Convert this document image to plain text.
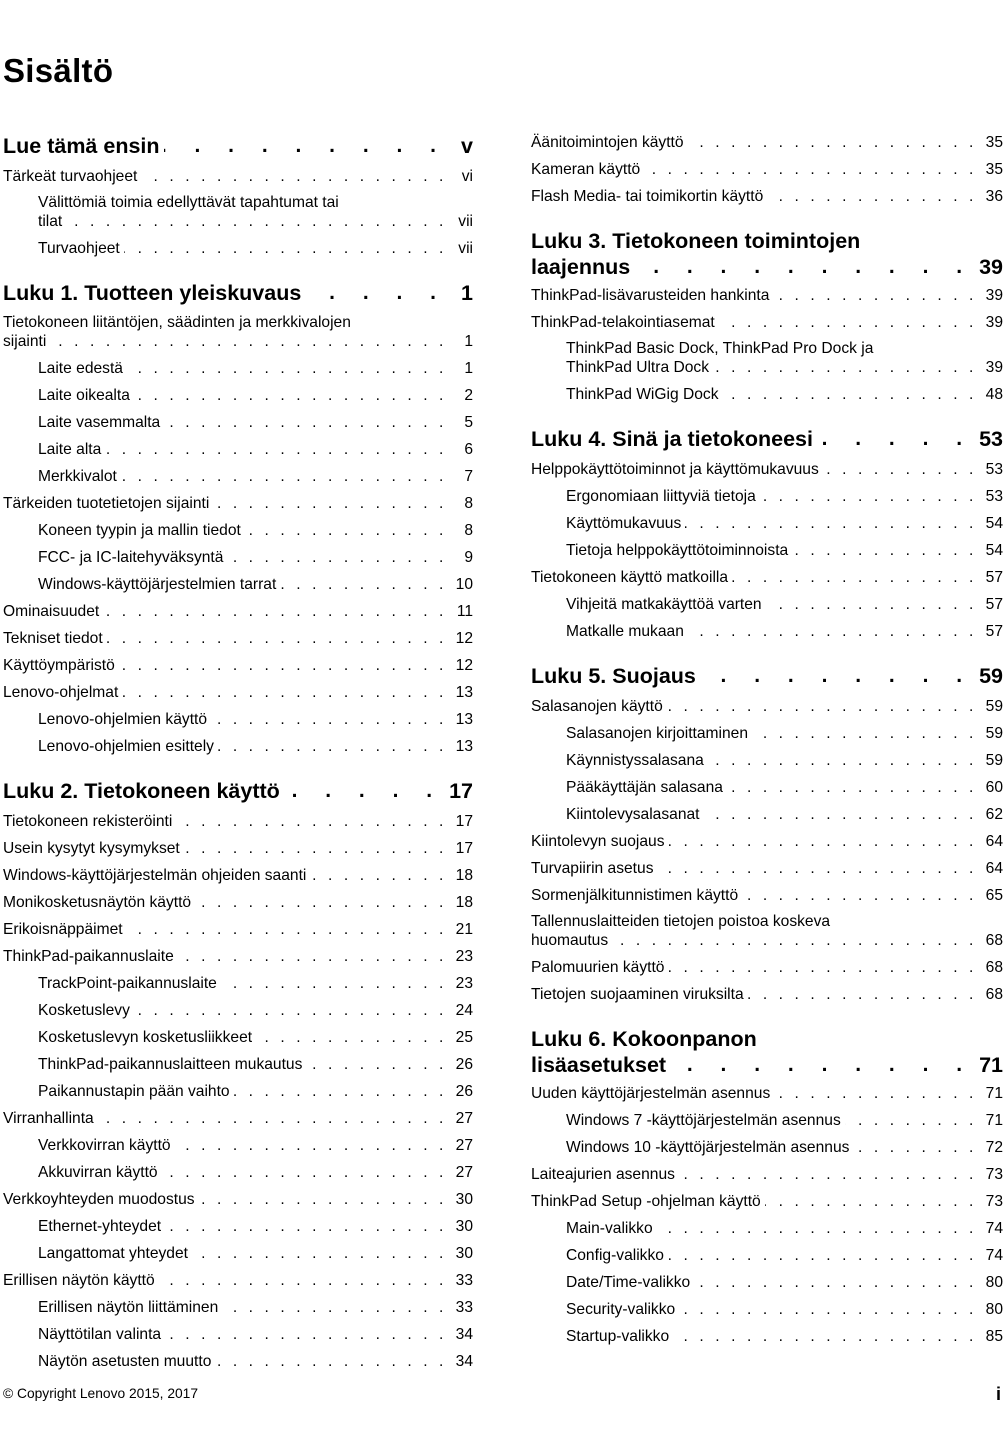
Sisältö
Lue tämä ensin . . .	v
Tärkeät turvaohjeet . . .	vi
Välittömiä toimia edellyttävät tapahtumat tai
tilat . . .	vii
Turvaohjeet . . .	vii
Luku 1. Tuotteen yleiskuvaus . . .	1
Tietokoneen liitäntöjen, säädinten ja merkkivalojen
sijainti . . .	1
Laite edestä . . .	1
Laite oikealta . . .	2
Laite vasemmalta . . .	5
Laite alta . . .	6
Merkkivalot . . .	7
Tärkeiden tuotetietojen sijainti . . .	8
Koneen tyypin ja mallin tiedot . . .	8
FCC- ja IC-laitehyväksyntä . . .	9
Windows-käyttöjärjestelmien tarrat . . .	10
Ominaisuudet . . .	11
Tekniset tiedot . . .	12
Käyttöympäristö . . .	12
Lenovo-ohjelmat . . .	13
Lenovo-ohjelmien käyttö . . .	13
Lenovo-ohjelmien esittely . . .	13
Luku 2. Tietokoneen käyttö . . .	17
Tietokoneen rekisteröinti . . .	17
Usein kysytyt kysymykset . . .	17
Windows-käyttöjärjestelmän ohjeiden saanti . . .	18
Monikosketusnäytön käyttö . . .	18
Erikoisnäppäimet . . .	21
ThinkPad-paikannuslaite . . .	23
TrackPoint-paikannuslaite . . .	23
Kosketuslevy . . .	24
Kosketuslevyn kosketusliikkeet . . .	25
ThinkPad-paikannuslaitteen mukautus . . .	26
Paikannustapin pään vaihto . . .	26
Virranhallinta . . .	27
Verkkovirran käyttö . . .	27
Akkuvirran käyttö . . .	27
Verkkoyhteyden muodostus . . .	30
Ethernet-yhteydet . . .	30
Langattomat yhteydet . . .	30
Erillisen näytön käyttö . . .	33
Erillisen näytön liittäminen . . .	33
Näyttötilan valinta . . .	34
Näytön asetusten muutto . . .	34
Äänitoimintojen käyttö . . .	35
Kameran käyttö . . .	35
Flash Media- tai toimikortin käyttö . . .	36
Luku 3. Tietokoneen toimintojen
laajennus . . .	39
ThinkPad-lisävarusteiden hankinta . . .	39
ThinkPad-telakointiasemat . . .	39
ThinkPad Basic Dock, ThinkPad Pro Dock ja
ThinkPad Ultra Dock . . .	39
ThinkPad WiGig Dock . . .	48
Luku 4. Sinä ja tietokoneesi . . .	53
Helppokäyttötoiminnot ja käyttömukavuus . . .	53
Ergonomiaan liittyviä tietoja . . .	53
Käyttömukavuus . . .	54
Tietoja helppokäyttötoiminnoista . . .	54
Tietokoneen käyttö matkoilla . . .	57
Vihjeitä matkakäyttöä varten . . .	57
Matkalle mukaan . . .	57
Luku 5. Suojaus . . .	59
Salasanojen käyttö . . .	59
Salasanojen kirjoittaminen . . .	59
Käynnistyssalasana . . .	59
Pääkäyttäjän salasana . . .	60
Kiintolevysalasanat . . .	62
Kiintolevyn suojaus . . .	64
Turvapiirin asetus . . .	64
Sormenjälkitunnistimen käyttö . . .	65
Tallennuslaitteiden tietojen poistoa koskeva
huomautus . . .	68
Palomuurien käyttö . . .	68
Tietojen suojaaminen viruksilta . . .	68
Luku 6. Kokoonpanon
lisäasetukset . . .	71
Uuden käyttöjärjestelmän asennus . . .	71
Windows 7 -käyttöjärjestelmän asennus . . .	71
Windows 10 -käyttöjärjestelmän asennus . . .	72
Laiteajurien asennus . . .	73
ThinkPad Setup -ohjelman käyttö . . .	73
Main-valikko . . .	74
Config-valikko . . .	74
Date/Time-valikko . . .	80
Security-valikko . . .	80
Startup-valikko . . .	85
© Copyright Lenovo 2015, 2017	i
